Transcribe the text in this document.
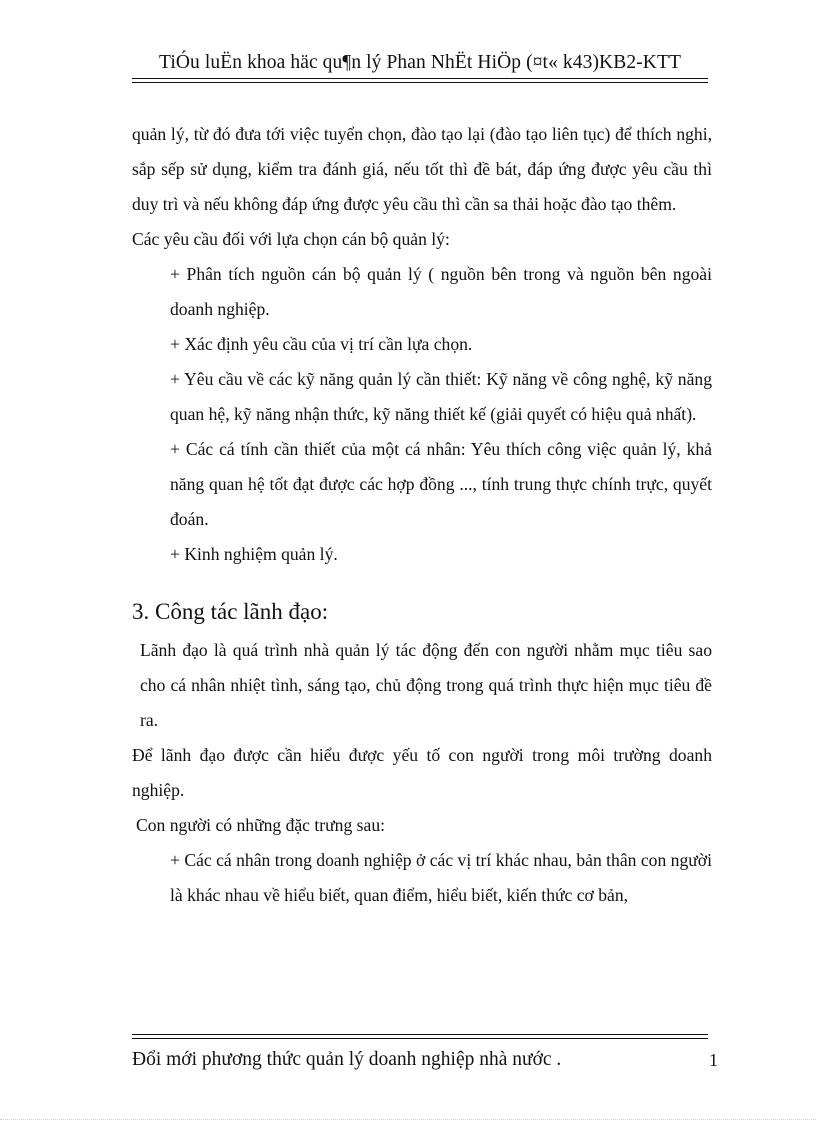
TiÓu luËn khoa häc qu¶n lý Phan NhËt HiÖp (¤t« k43)KB2-KTT

quản lý, từ đó đưa tới việc tuyển chọn, đào tạo lại (đào tạo liên tục) để thích nghi, sắp sếp sử dụng, kiểm tra đánh giá, nếu tốt thì đề bát, đáp ứng được yêu cầu thì duy trì và nếu không đáp ứng được yêu cầu thì cần sa thải hoặc đào tạo thêm.

Các yêu cầu đối với lựa chọn cán bộ quản lý:

+ Phân tích nguồn cán bộ quản lý ( nguồn bên trong và nguồn bên ngoài doanh nghiệp.

+ Xác định yêu cầu của vị trí cần lựa chọn.

+ Yêu cầu về các kỹ năng quản lý cần thiết: Kỹ năng về công nghệ, kỹ năng quan hệ, kỹ năng nhận thức, kỹ năng thiết kế (giải quyết có hiệu quả nhất).

+ Các cá tính cần thiết của một cá nhân: Yêu thích công việc quản lý, khả năng quan hệ tốt đạt được các hợp đồng ..., tính trung thực chính trực, quyết đoán.

+ Kinh nghiệm quản lý.

3. Công tác lãnh đạo:

Lãnh đạo là quá trình nhà quản lý tác động đến con người nhằm mục tiêu sao cho cá nhân nhiệt tình, sáng tạo, chủ động trong quá trình thực hiện mục tiêu đề ra.

Để lãnh đạo được cần hiểu được yếu tố con người trong môi trường doanh nghiệp.

Con người có những đặc trưng sau:

+ Các cá nhân trong doanh nghiệp ở các vị trí khác nhau, bản thân con người là khác nhau về hiểu biết, quan điểm, hiểu biết, kiến thức cơ bản,

Đổi mới phương thức quản lý doanh nghiệp nhà nước .	1
